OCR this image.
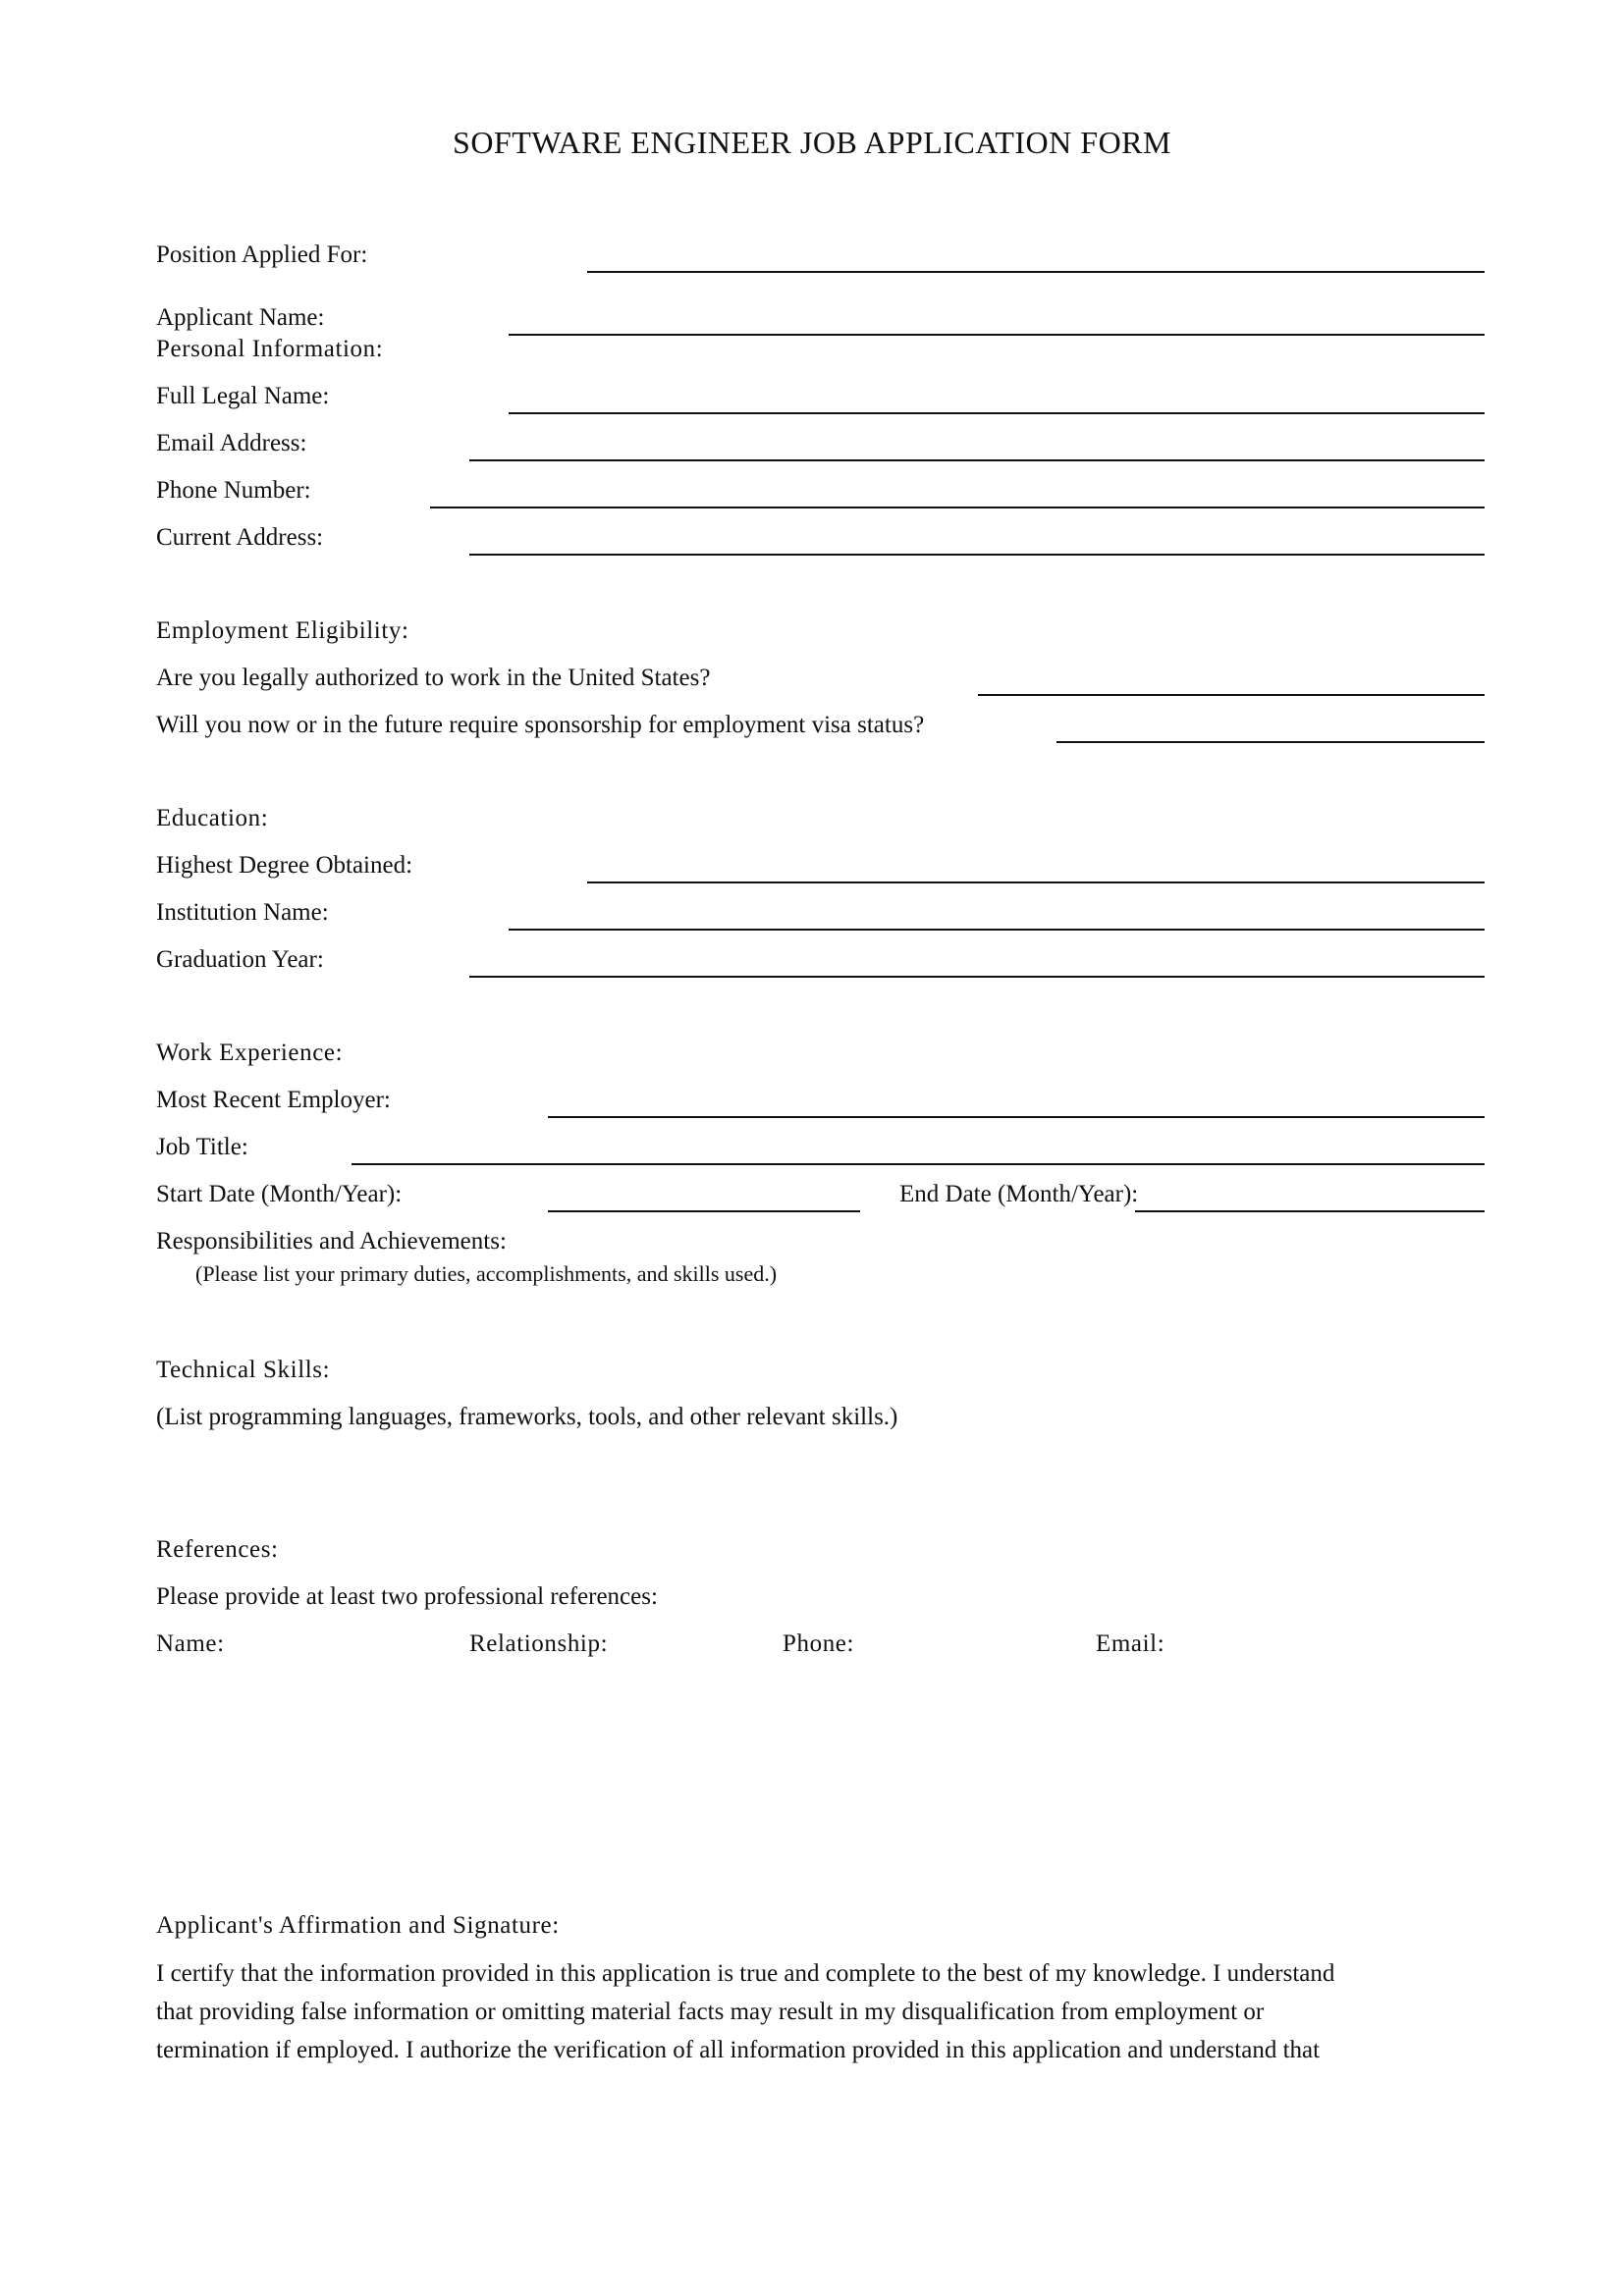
SOFTWARE ENGINEER JOB APPLICATION FORM
Position Applied For:
Applicant Name:
Personal Information:
Full Legal Name:
Email Address:
Phone Number:
Current Address:
Employment Eligibility:
Are you legally authorized to work in the United States?
Will you now or in the future require sponsorship for employment visa status?
Education:
Highest Degree Obtained:
Institution Name:
Graduation Year:
Work Experience:
Most Recent Employer:
Job Title:
Start Date (Month/Year):	End Date (Month/Year):
Responsibilities and Achievements:
(Please list your primary duties, accomplishments, and skills used.)
Technical Skills:
(List programming languages, frameworks, tools, and other relevant skills.)
References:
Please provide at least two professional references:
Name:	Relationship:	Phone:	Email:
Applicant's Affirmation and Signature:
I certify that the information provided in this application is true and complete to the best of my knowledge. I understand
that providing false information or omitting material facts may result in my disqualification from employment or
termination if employed. I authorize the verification of all information provided in this application and understand that
